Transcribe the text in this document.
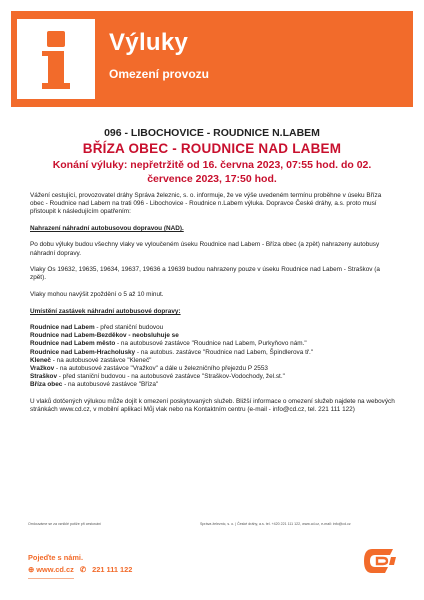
Výluky
Omezení provozu
096 - LIBOCHOVICE - ROUDNICE N.LABEM
BŘÍZA OBEC - ROUDNICE NAD LABEM
Konání výluky: nepřetržitě od 16. června 2023, 07:55 hod. do 02. července 2023, 17:50 hod.

Vážení cestující, provozovatel dráhy Správa železnic, s. o. informuje, že ve výše uvedeném termínu proběhne v úseku Bříza obec - Roudnice nad Labem na trati 096 - Libochovice - Roudnice n.Labem výluka. Dopravce České dráhy, a.s. proto musí přistoupit k následujícím opatřením:

Nahrazení náhradní autobusovou dopravou (NAD).

Po dobu výluky budou všechny vlaky ve vyloučeném úseku Roudnice nad Labem - Bříza obec (a zpět) nahrazeny autobusy náhradní dopravy.

Vlaky Os 19632, 19635, 19634, 19637, 19636 a 19639 budou nahrazeny pouze v úseku Roudnice nad Labem - Straškov (a zpět).

Vlaky mohou navýšit zpoždění o 5 až 10 minut.

Umístění zastávek náhradní autobusové dopravy:

Roudnice nad Labem - před staniční budovou
Roudnice nad Labem-Bezděkov - neobsluhuje se
Roudnice nad Labem město - na autobusové zastávce "Roudnice nad Labem, Purkyňovo nám."
Roudnice nad Labem-Hracholusky - na autobus. zastávce "Roudnice nad Labem, Špindlerova tř."
Kleneč - na autobusové zastávce "Kleneč"
Vražkov - na autobusové zastávce "Vražkov" a dále u železničního přejezdu P 2553
Straškov - před staniční budovou - na autobusové zastávce "Straškov-Vodochody, žel.st."
Bříza obec - na autobusové zastávce "Bříza"

U vlaků dotčených výlukou může dojít k omezení poskytovaných služeb. Bližší informace o omezení služeb najdete na webových stránkách www.cd.cz, v mobilní aplikaci Můj vlak nebo na Kontaktním centru (e-mail - info@cd.cz, tel. 221 111 122)

Omlouváme se za vzniklé potíže při cestování	Správa železnic, s. o. | České dráhy, a.s. tel. +420 221 111 122, www.cd.cz, e-mail: info@cd.cz
Pojeďte s námi.
⊕ www.cd.cz ✆ 221 111 122
